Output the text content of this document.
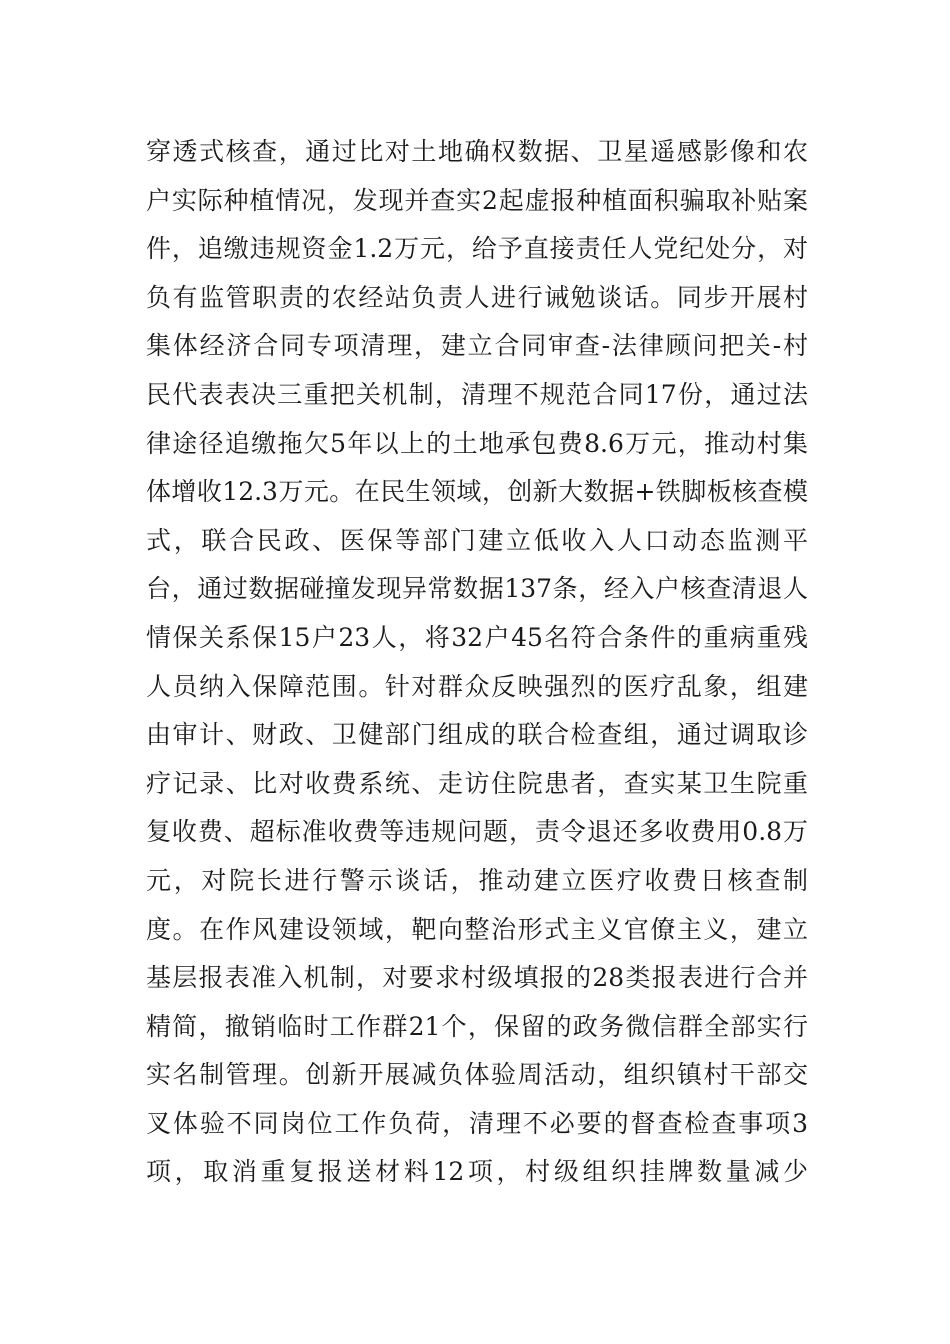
穿透式核查，通过比对土地确权数据、卫星遥感影像和农
户实际种植情况，发现并查实2起虚报种植面积骗取补贴案
件，追缴违规资金1.2万元，给予直接责任人党纪处分，对
负有监管职责的农经站负责人进行诫勉谈话。同步开展村
集体经济合同专项清理，建立合同审查-法律顾问把关-村
民代表表决三重把关机制，清理不规范合同17份，通过法
律途径追缴拖欠5年以上的土地承包费8.6万元，推动村集
体增收12.3万元。在民生领域，创新大数据+铁脚板核查模
式，联合民政、医保等部门建立低收入人口动态监测平
台，通过数据碰撞发现异常数据137条，经入户核查清退人
情保关系保15户23人，将32户45名符合条件的重病重残
人员纳入保障范围。针对群众反映强烈的医疗乱象，组建
由审计、财政、卫健部门组成的联合检查组，通过调取诊
疗记录、比对收费系统、走访住院患者，查实某卫生院重
复收费、超标准收费等违规问题，责令退还多收费用0.8万
元，对院长进行警示谈话，推动建立医疗收费日核查制
度。在作风建设领域，靶向整治形式主义官僚主义，建立
基层报表准入机制，对要求村级填报的28类报表进行合并
精简，撤销临时工作群21个，保留的政务微信群全部实行
实名制管理。创新开展减负体验周活动，组织镇村干部交
叉体验不同岗位工作负荷，清理不必要的督查检查事项3
项，取消重复报送材料12项，村级组织挂牌数量减少
